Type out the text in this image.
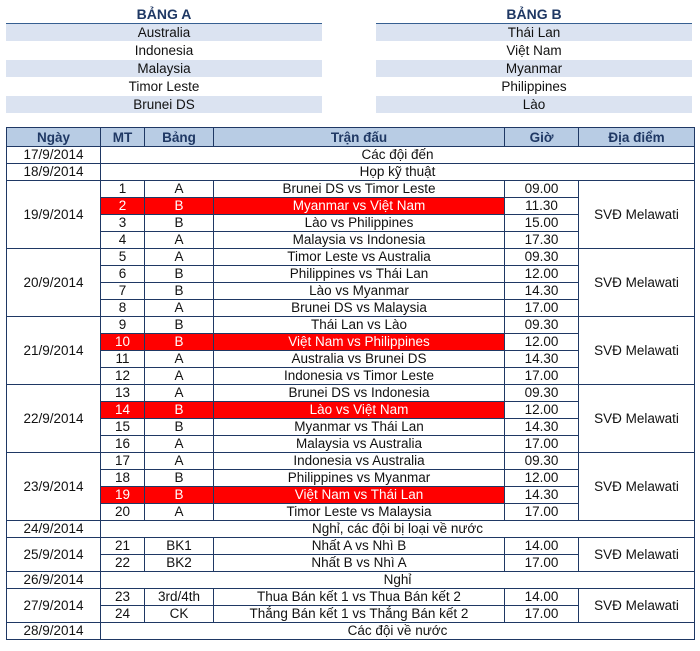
BẢNG A
Australia
Indonesia
Malaysia
Timor Leste
Brunei DS
BẢNG B
Thái Lan
Việt Nam
Myanmar
Philippines
Lào
Ngày	MT	Bảng	Trận đấu	Giờ	Địa điểm
17/9/2014	Các đội đến				
18/9/2014	Họp kỹ thuật				
19/9/2014	1	A	Brunei DS vs Timor Leste	09.00	SVĐ Melawati
	2	B	Myanmar vs Việt Nam	11.30	
	3	B	Lào vs Philippines	15.00	
	4	A	Malaysia vs Indonesia	17.30	
20/9/2014	5	A	Timor Leste vs Australia	09.30	SVĐ Melawati
	6	B	Philippines vs Thái Lan	12.00	
	7	B	Lào vs Myanmar	14.30	
	8	A	Brunei DS vs Malaysia	17.00	
21/9/2014	9	B	Thái Lan vs Lào	09.30	SVĐ Melawati
	10	B	Việt Nam vs Philippines	12.00	
	11	A	Australia vs Brunei DS	14.30	
	12	A	Indonesia vs Timor Leste	17.00	
22/9/2014	13	A	Brunei DS vs Indonesia	09.30	SVĐ Melawati
	14	B	Lào vs Việt Nam	12.00	
	15	B	Myanmar vs Thái Lan	14.30	
	16	A	Malaysia vs Australia	17.00	
23/9/2014	17	A	Indonesia vs Australia	09.30	SVĐ Melawati
	18	B	Philippines vs Myanmar	12.00	
	19	B	Việt Nam vs Thái Lan	14.30	
	20	A	Timor Leste vs Malaysia	17.00	
24/9/2014	Nghỉ, các đội bị loại về nước				
25/9/2014	21	BK1	Nhất A vs Nhì B	14.00	SVĐ Melawati
	22	BK2	Nhất B vs Nhì A	17.00	
26/9/2014	Nghỉ				
27/9/2014	23	3rd/4th	Thua Bán kết 1 vs Thua Bán kết 2	14.00	SVĐ Melawati
	24	CK	Thắng Bán kết 1 vs Thắng Bán kết 2	17.00	
28/9/2014	Các đội về nước				
